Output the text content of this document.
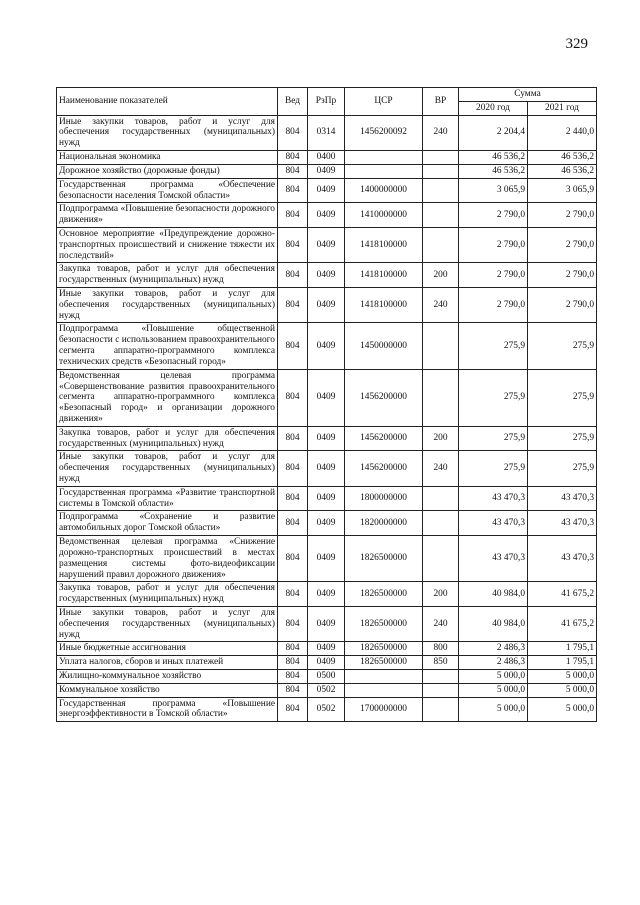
329
Наименование показателей	Вед	РзПр	ЦСР	ВР	Сумма	
					2020 год	2021 год
Иные закупки товаров, работ и услуг для обеспечения государственных (муниципальных) нужд	804	0314	1456200092	240	2 204,4	2 440,0
Национальная экономика	804	0400			46 536,2	46 536,2
Дорожное хозяйство (дорожные фонды)	804	0409			46 536,2	46 536,2
Государственная программа «Обеспечение безопасности населения Томской области»	804	0409	1400000000		3 065,9	3 065,9
Подпрограмма «Повышение безопасности дорожного движения»	804	0409	1410000000		2 790,0	2 790,0
Основное мероприятие «Предупреждение дорожно-транспортных происшествий и снижение тяжести их последствий»	804	0409	1418100000		2 790,0	2 790,0
Закупка товаров, работ и услуг для обеспечения государственных (муниципальных) нужд	804	0409	1418100000	200	2 790,0	2 790,0
Иные закупки товаров, работ и услуг для обеспечения государственных (муниципальных) нужд	804	0409	1418100000	240	2 790,0	2 790,0
Подпрограмма «Повышение общественной безопасности с использованием правоохранительного сегмента аппаратно-программного комплекса технических средств «Безопасный город»	804	0409	1450000000		275,9	275,9
Ведомственная целевая программа «Совершенствование развития правоохранительного сегмента аппаратно-программного комплекса «Безопасный город» и организации дорожного движения»	804	0409	1456200000		275,9	275,9
Закупка товаров, работ и услуг для обеспечения государственных (муниципальных) нужд	804	0409	1456200000	200	275,9	275,9
Иные закупки товаров, работ и услуг для обеспечения государственных (муниципальных) нужд	804	0409	1456200000	240	275,9	275,9
Государственная программа «Развитие транспортной системы в Томской области»	804	0409	1800000000		43 470,3	43 470,3
Подпрограмма «Сохранение и развитие автомобильных дорог Томской области»	804	0409	1820000000		43 470,3	43 470,3
Ведомственная целевая программа «Снижение дорожно-транспортных происшествий в местах размещения системы фото-видеофиксации нарушений правил дорожного движения»	804	0409	1826500000		43 470,3	43 470,3
Закупка товаров, работ и услуг для обеспечения государственных (муниципальных) нужд	804	0409	1826500000	200	40 984,0	41 675,2
Иные закупки товаров, работ и услуг для обеспечения государственных (муниципальных) нужд	804	0409	1826500000	240	40 984,0	41 675,2
Иные бюджетные ассигнования	804	0409	1826500000	800	2 486,3	1 795,1
Уплата налогов, сборов и иных платежей	804	0409	1826500000	850	2 486,3	1 795,1
Жилищно-коммунальное хозяйство	804	0500			5 000,0	5 000,0
Коммунальное хозяйство	804	0502			5 000,0	5 000,0
Государственная программа «Повышение энергоэффективности в Томской области»	804	0502	1700000000		5 000,0	5 000,0
